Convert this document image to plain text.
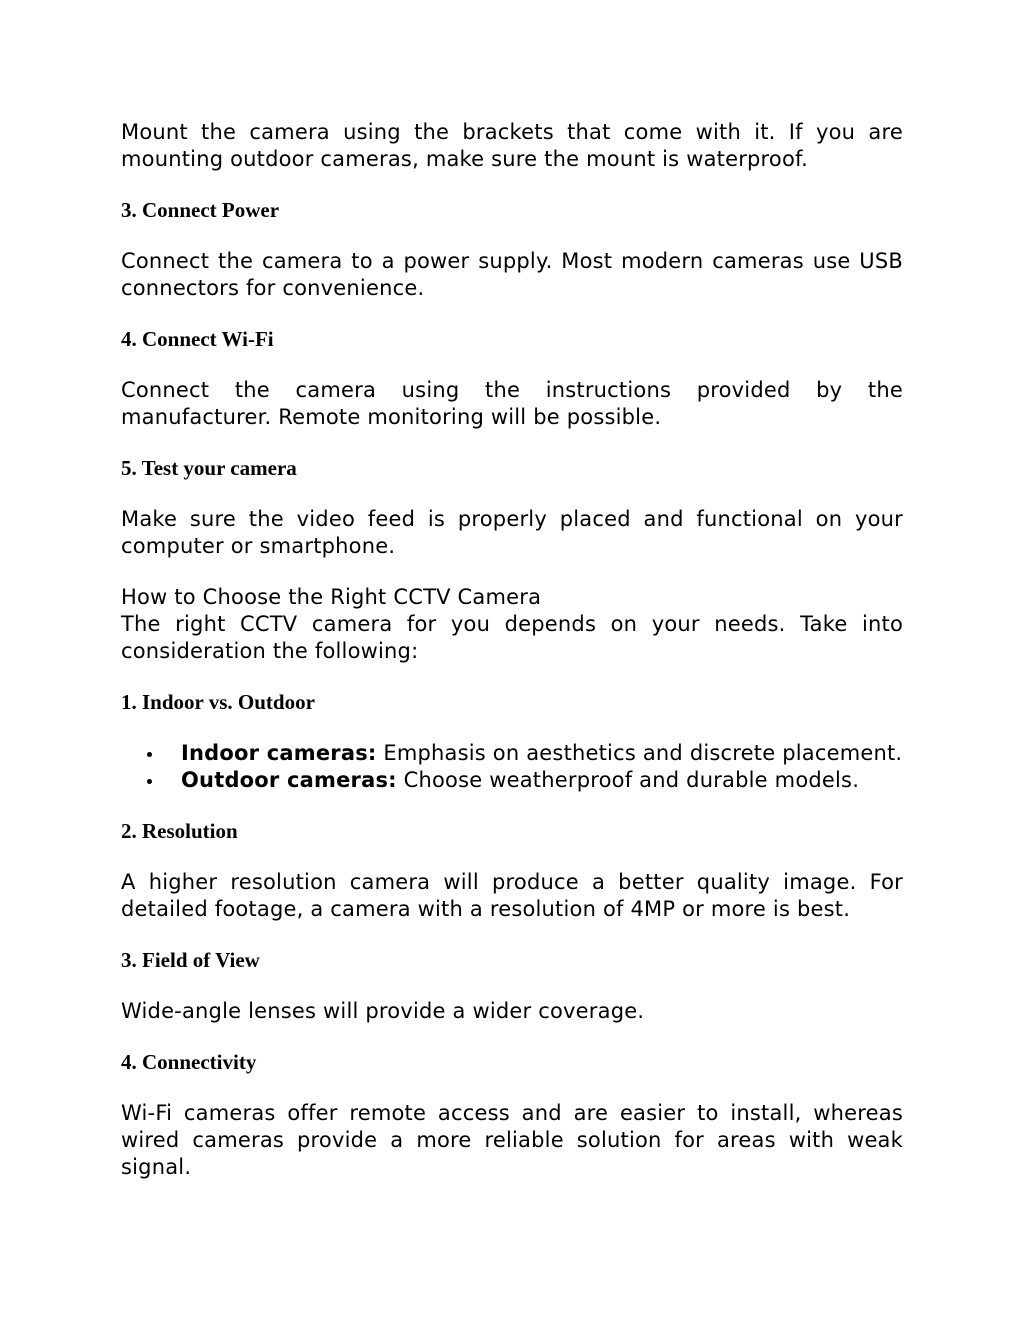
Mount the camera using the brackets that come with it. If you are mounting outdoor cameras, make sure the mount is waterproof.

3. Connect Power

Connect the camera to a power supply. Most modern cameras use USB connectors for convenience.

4. Connect Wi-Fi

Connect the camera using the instructions provided by the manufacturer. Remote monitoring will be possible.

5. Test your camera

Make sure the video feed is properly placed and functional on your computer or smartphone.

How to Choose the Right CCTV Camera

The right CCTV camera for you depends on your needs. Take into consideration the following:

1. Indoor vs. Outdoor
Indoor cameras: Emphasis on aesthetics and discrete placement.
Outdoor cameras: Choose weatherproof and durable models.
2. Resolution

A higher resolution camera will produce a better quality image. For detailed footage, a camera with a resolution of 4MP or more is best.

3. Field of View

Wide-angle lenses will provide a wider coverage.

4. Connectivity

Wi-Fi cameras offer remote access and are easier to install, whereas wired cameras provide a more reliable solution for areas with weak signal.
